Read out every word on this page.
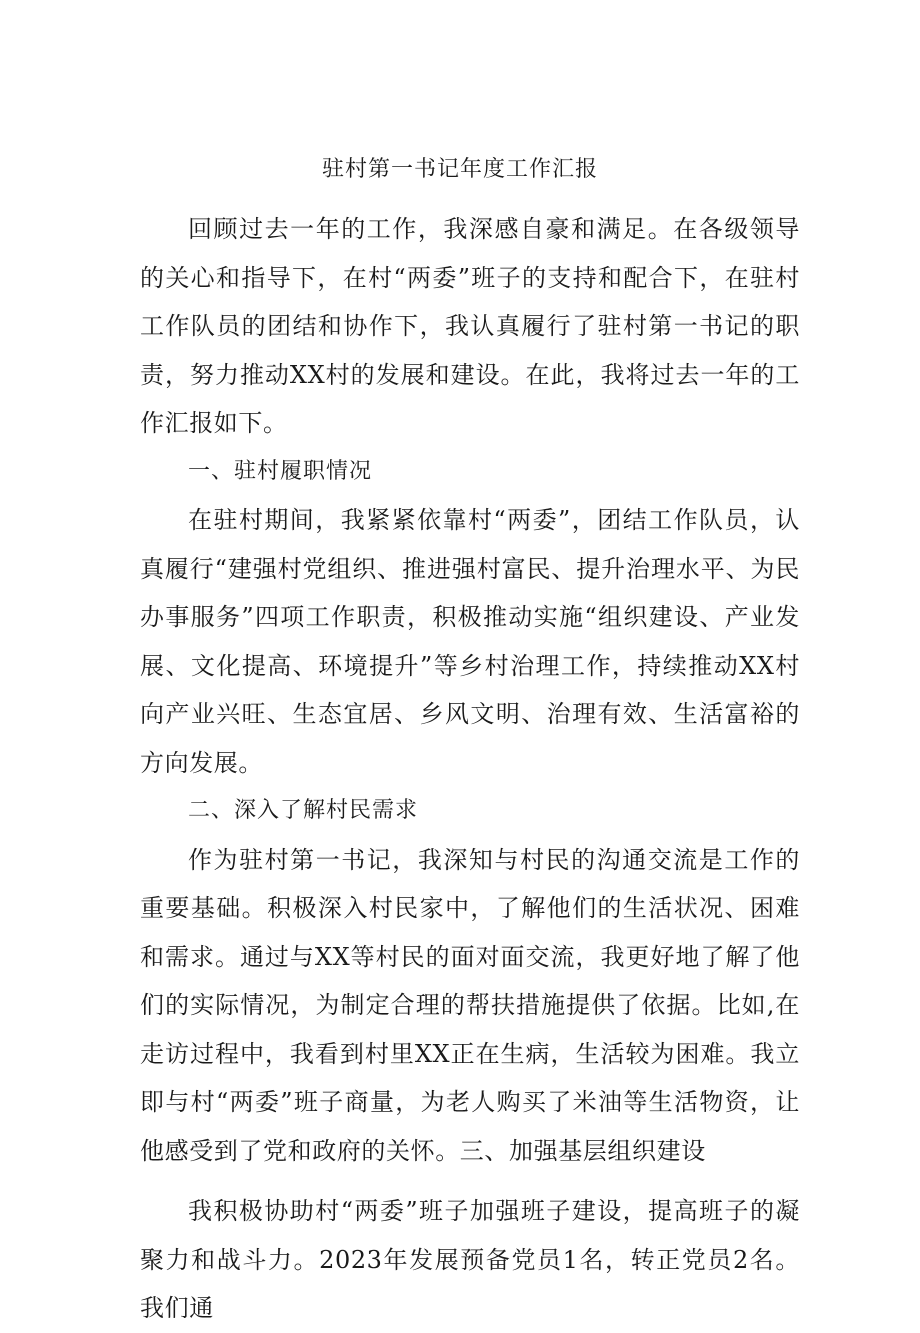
驻村第一书记年度工作汇报

回顾过去一年的工作，我深感自豪和满足。在各级领导的关心和指导下，在村“两委”班子的支持和配合下，在驻村工作队员的团结和协作下，我认真履行了驻村第一书记的职责，努力推动XX村的发展和建设。在此，我将过去一年的工作汇报如下。

一、驻村履职情况

在驻村期间，我紧紧依靠村“两委”，团结工作队员，认真履行“建强村党组织、推进强村富民、提升治理水平、为民办事服务”四项工作职责，积极推动实施“组织建设、产业发展、文化提高、环境提升”等乡村治理工作，持续推动XX村向产业兴旺、生态宜居、乡风文明、治理有效、生活富裕的方向发展。

二、深入了解村民需求

作为驻村第一书记，我深知与村民的沟通交流是工作的重要基础。积极深入村民家中，了解他们的生活状况、困难和需求。通过与XX等村民的面对面交流，我更好地了解了他们的实际情况，为制定合理的帮扶措施提供了依据。比如,在走访过程中，我看到村里XX正在生病，生活较为困难。我立即与村“两委”班子商量，为老人购买了米油等生活物资，让他感受到了党和政府的关怀。三、加强基层组织建设

我积极协助村“两委”班子加强班子建设，提高班子的凝聚力和战斗力。2023年发展预备党员1名，转正党员2名。我们通
